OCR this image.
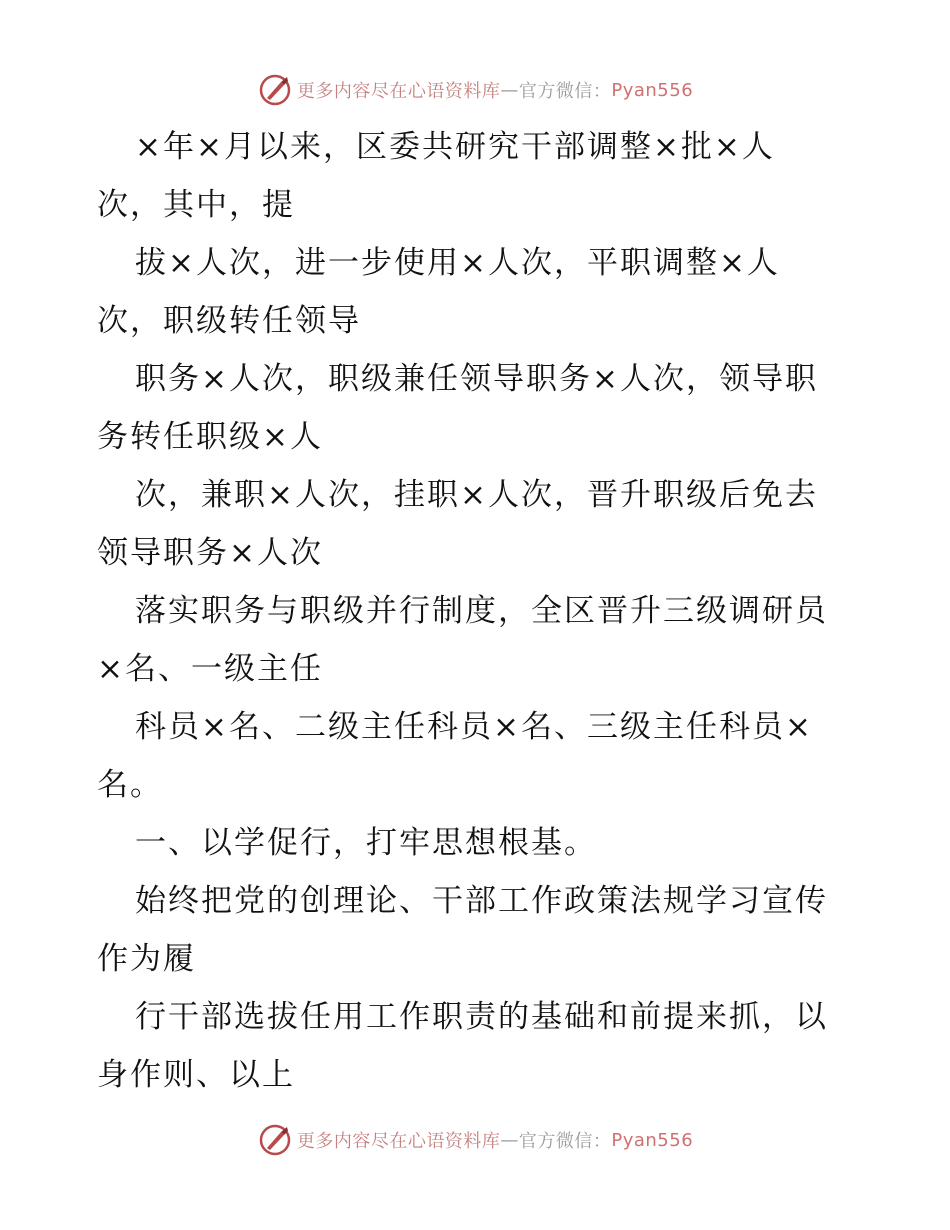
更多内容尽在心语资料库 — 官方微信： Pyan556

×年×月以来，区委共研究干部调整×批×人
次，其中，提

拔×人次，进一步使用×人次，平职调整×人
次，职级转任领导

职务×人次，职级兼任领导职务×人次，领导职
务转任职级×人

次，兼职×人次，挂职×人次，晋升职级后免去
领导职务×人次

落实职务与职级并行制度，全区晋升三级调研员
×名、一级主任

科员×名、二级主任科员×名、三级主任科员×
名。

一、以学促行，打牢思想根基。

始终把党的创理论、干部工作政策法规学习宣传
作为履

行干部选拔任用工作职责的基础和前提来抓，以
身作则、以上

更多内容尽在心语资料库 — 官方微信： Pyan556
